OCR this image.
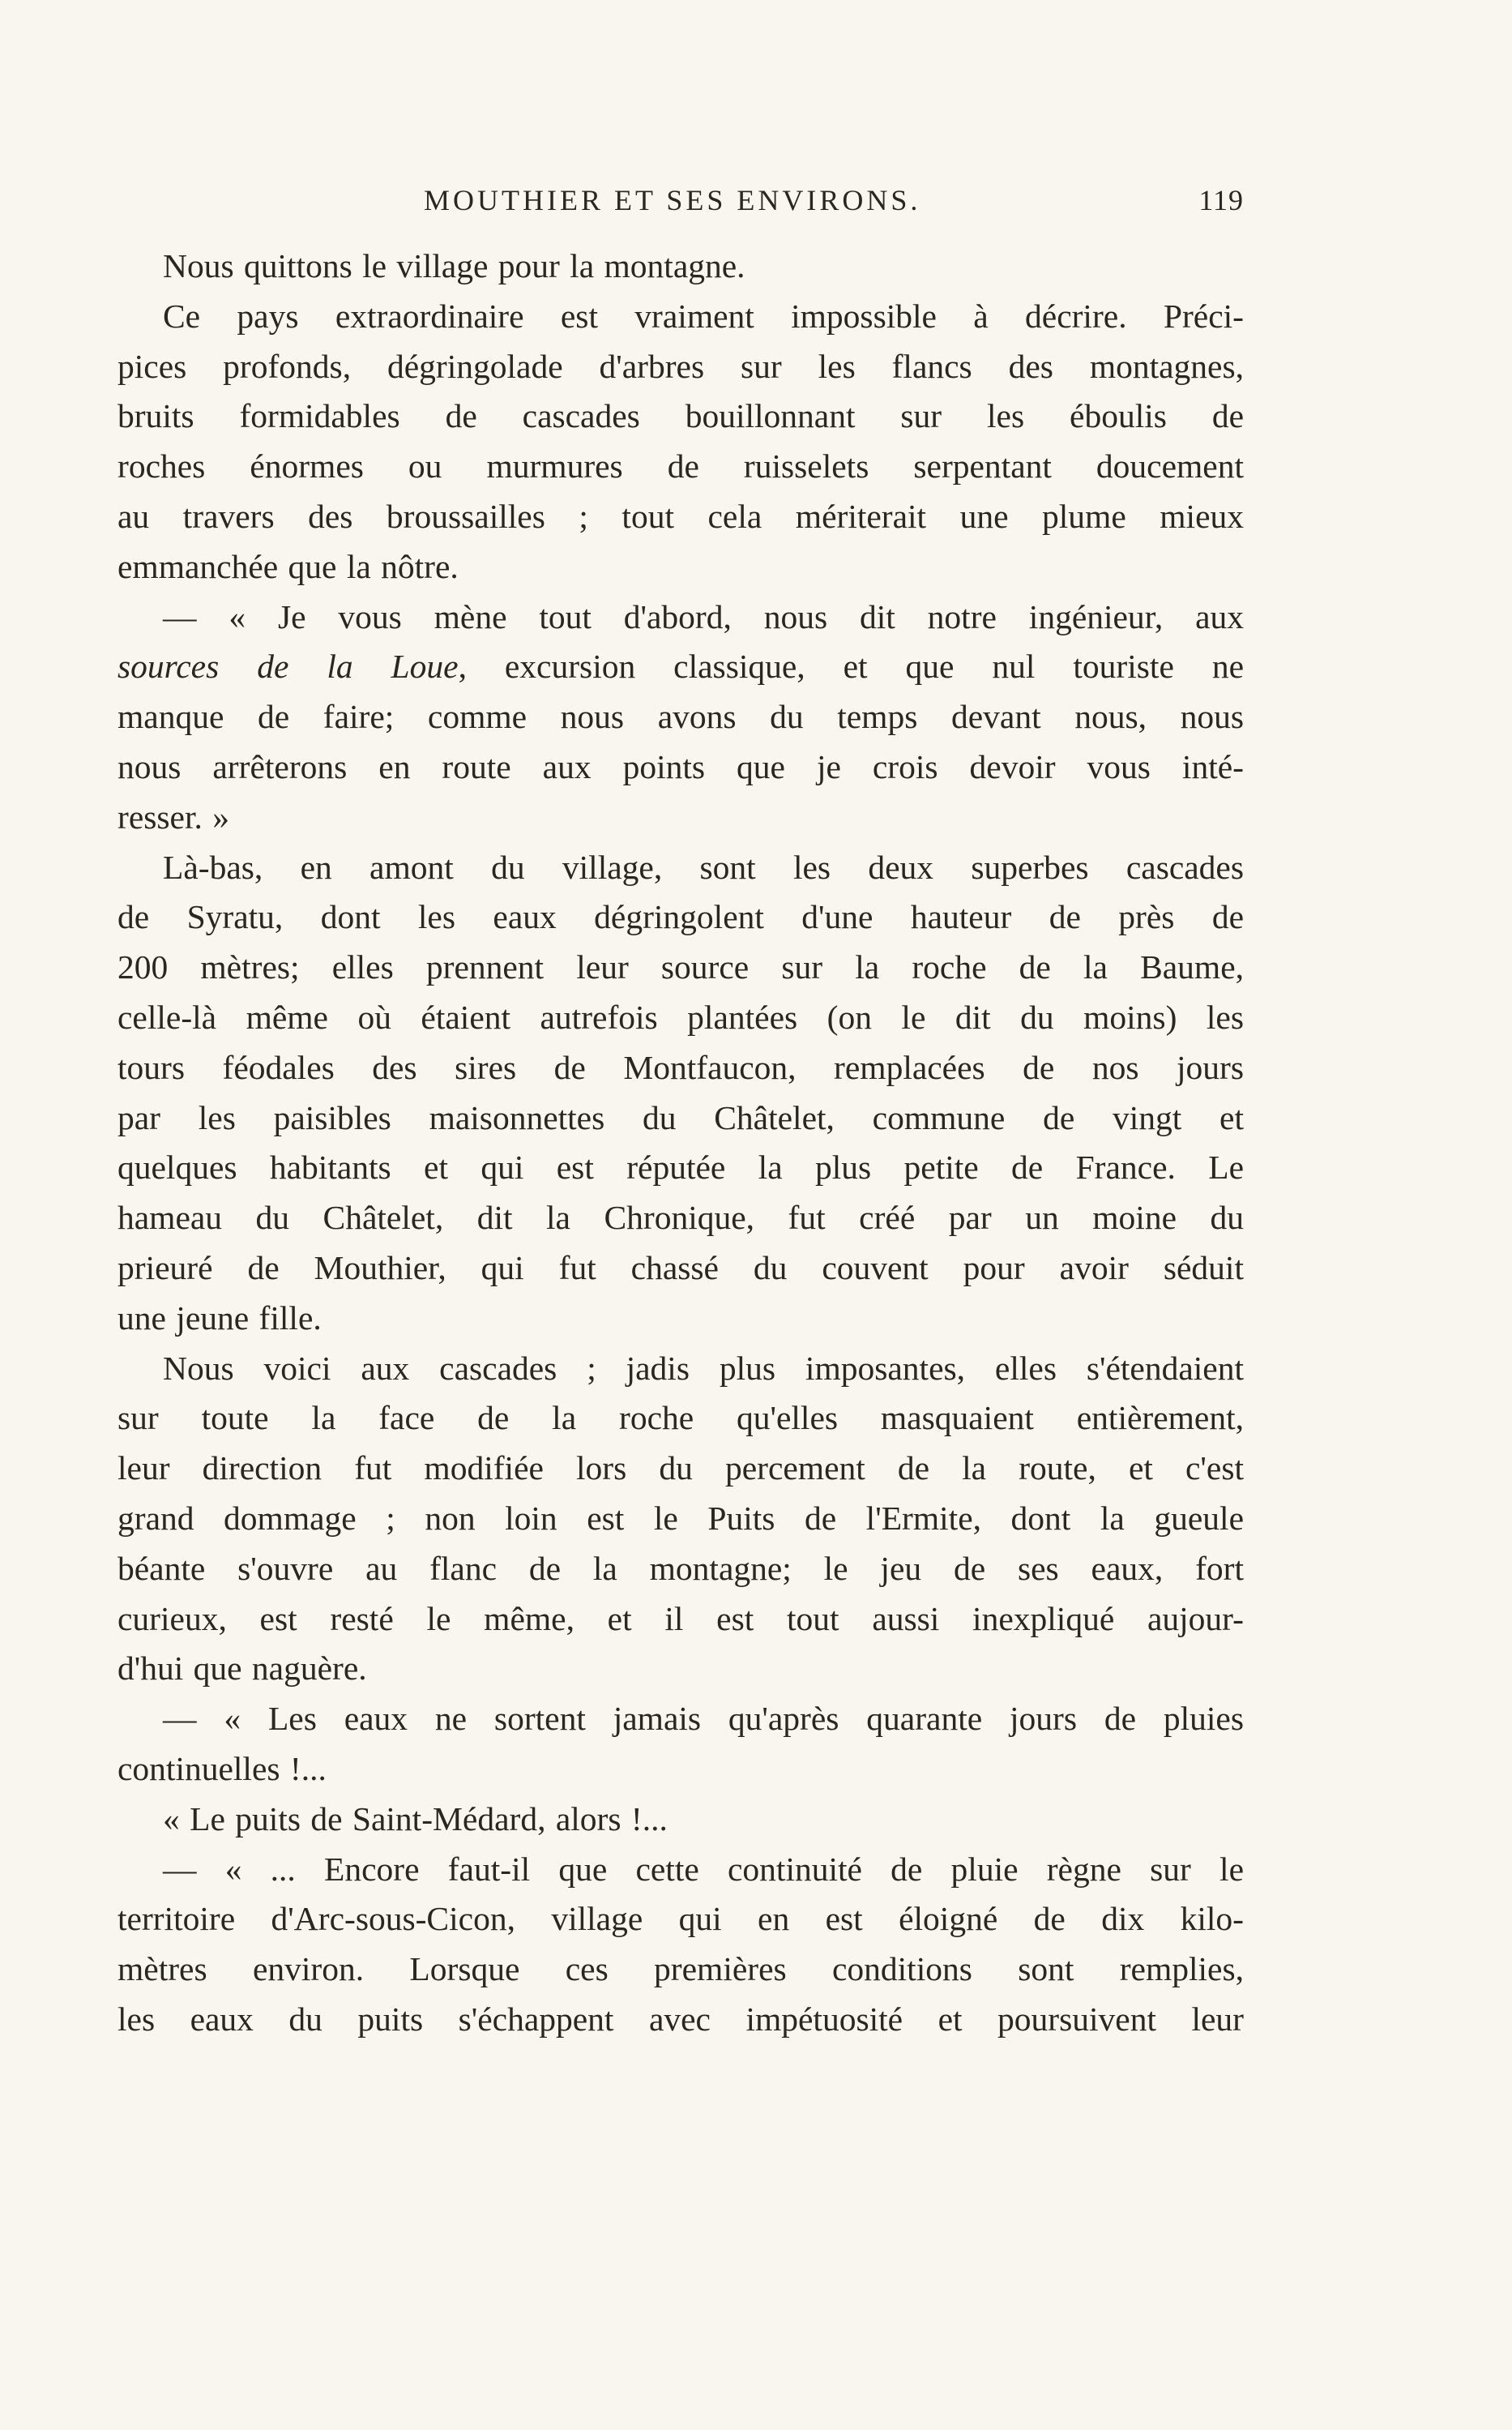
MOUTHIER ET SES ENVIRONS.	119
Nous quittons le village pour la montagne.
Ce pays extraordinaire est vraiment impossible à décrire. Préci-
pices profonds, dégringolade d'arbres sur les flancs des montagnes,
bruits formidables de cascades bouillonnant sur les éboulis de
roches énormes ou murmures de ruisselets serpentant doucement
au travers des broussailles ; tout cela mériterait une plume mieux
emmanchée que la nôtre.
— « Je vous mène tout d'abord, nous dit notre ingénieur, aux
sources de la Loue, excursion classique, et que nul touriste ne
manque de faire; comme nous avons du temps devant nous, nous
nous arrêterons en route aux points que je crois devoir vous inté-
resser. »
Là-bas, en amont du village, sont les deux superbes cascades
de Syratu, dont les eaux dégringolent d'une hauteur de près de
200 mètres; elles prennent leur source sur la roche de la Baume,
celle-là même où étaient autrefois plantées (on le dit du moins) les
tours féodales des sires de Montfaucon, remplacées de nos jours
par les paisibles maisonnettes du Châtelet, commune de vingt et
quelques habitants et qui est réputée la plus petite de France. Le
hameau du Châtelet, dit la Chronique, fut créé par un moine du
prieuré de Mouthier, qui fut chassé du couvent pour avoir séduit
une jeune fille.
Nous voici aux cascades ; jadis plus imposantes, elles s'étendaient
sur toute la face de la roche qu'elles masquaient entièrement,
leur direction fut modifiée lors du percement de la route, et c'est
grand dommage ; non loin est le Puits de l'Ermite, dont la gueule
béante s'ouvre au flanc de la montagne; le jeu de ses eaux, fort
curieux, est resté le même, et il est tout aussi inexpliqué aujour-
d'hui que naguère.
— « Les eaux ne sortent jamais qu'après quarante jours de pluies
continuelles !...
« Le puits de Saint-Médard, alors !...
— « ... Encore faut-il que cette continuité de pluie règne sur le
territoire d'Arc-sous-Cicon, village qui en est éloigné de dix kilo-
mètres environ. Lorsque ces premières conditions sont remplies,
les eaux du puits s'échappent avec impétuosité et poursuivent leur
